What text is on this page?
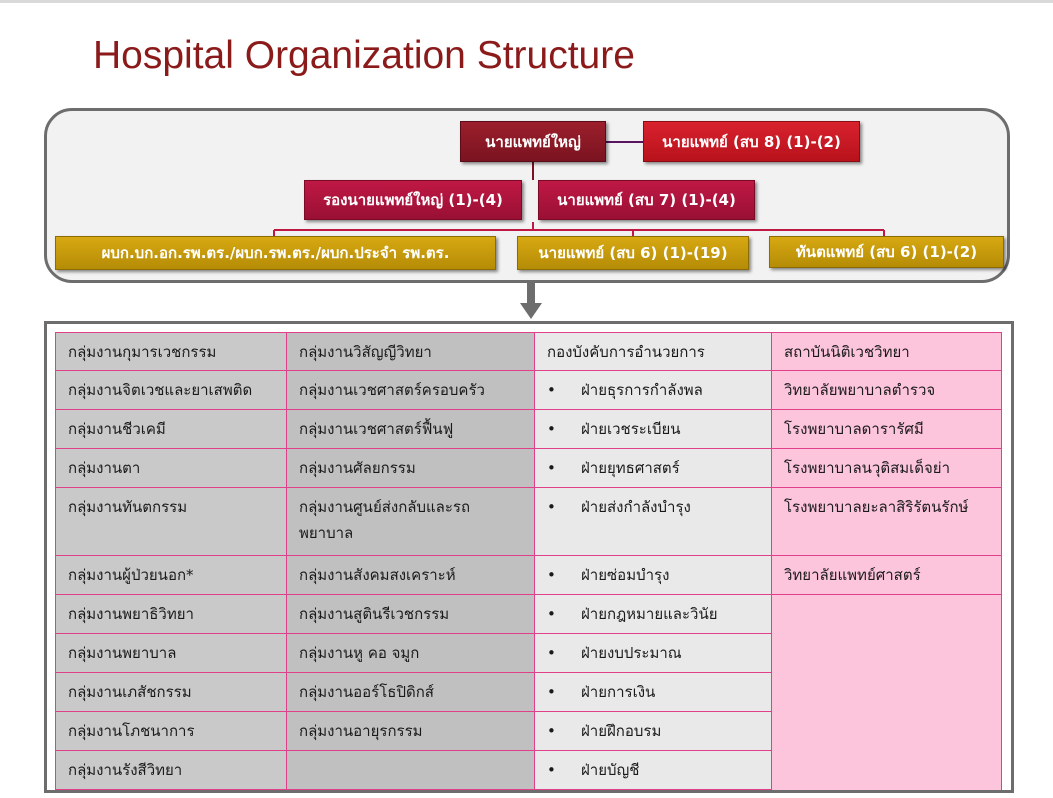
Hospital Organization Structure
นายแพทย์ใหญ่	นายแพทย์ (สบ 8) (1)-(2)
รองนายแพทย์ใหญ่ (1)-(4)	นายแพทย์ (สบ 7) (1)-(4)
ผบก.บก.อก.รพ.ตร./ผบก.รพ.ตร./ผบก.ประจำ รพ.ตร.	นายแพทย์ (สบ 6) (1)-(19)	ทันตแพทย์ (สบ 6) (1)-(2)
กลุ่มงานกุมารเวชกรรม	กลุ่มงานวิสัญญีวิทยา	กองบังคับการอำนวยการ	สถาบันนิติเวชวิทยา
กลุ่มงานจิตเวชและยาเสพติด	กลุ่มงานเวชศาสตร์ครอบครัว	• ฝ่ายธุรการกำลังพล	วิทยาลัยพยาบาลตำรวจ
กลุ่มงานชีวเคมี	กลุ่มงานเวชศาสตร์ฟื้นฟู	• ฝ่ายเวชระเบียน	โรงพยาบาลดารารัศมี
กลุ่มงานตา	กลุ่มงานศัลยกรรม	• ฝ่ายยุทธศาสตร์	โรงพยาบาลนวุติสมเด็จย่า
กลุ่มงานทันตกรรม	กลุ่มงานศูนย์ส่งกลับและรถพยาบาล	• ฝ่ายส่งกำลังบำรุง	โรงพยาบาลยะลาสิริรัตนรักษ์
กลุ่มงานผู้ป่วยนอก*	กลุ่มงานสังคมสงเคราะห์	• ฝ่ายซ่อมบำรุง	วิทยาลัยแพทย์ศาสตร์
กลุ่มงานพยาธิวิทยา	กลุ่มงานสูตินรีเวชกรรม	• ฝ่ายกฎหมายและวินัย	
กลุ่มงานพยาบาล	กลุ่มงานหู คอ จมูก	• ฝ่ายงบประมาณ	
กลุ่มงานเภสัชกรรม	กลุ่มงานออร์โธปิดิกส์	• ฝ่ายการเงิน	
กลุ่มงานโภชนาการ	กลุ่มงานอายุรกรรม	• ฝ่ายฝึกอบรม	
กลุ่มงานรังสีวิทยา		• ฝ่ายบัญชี	
